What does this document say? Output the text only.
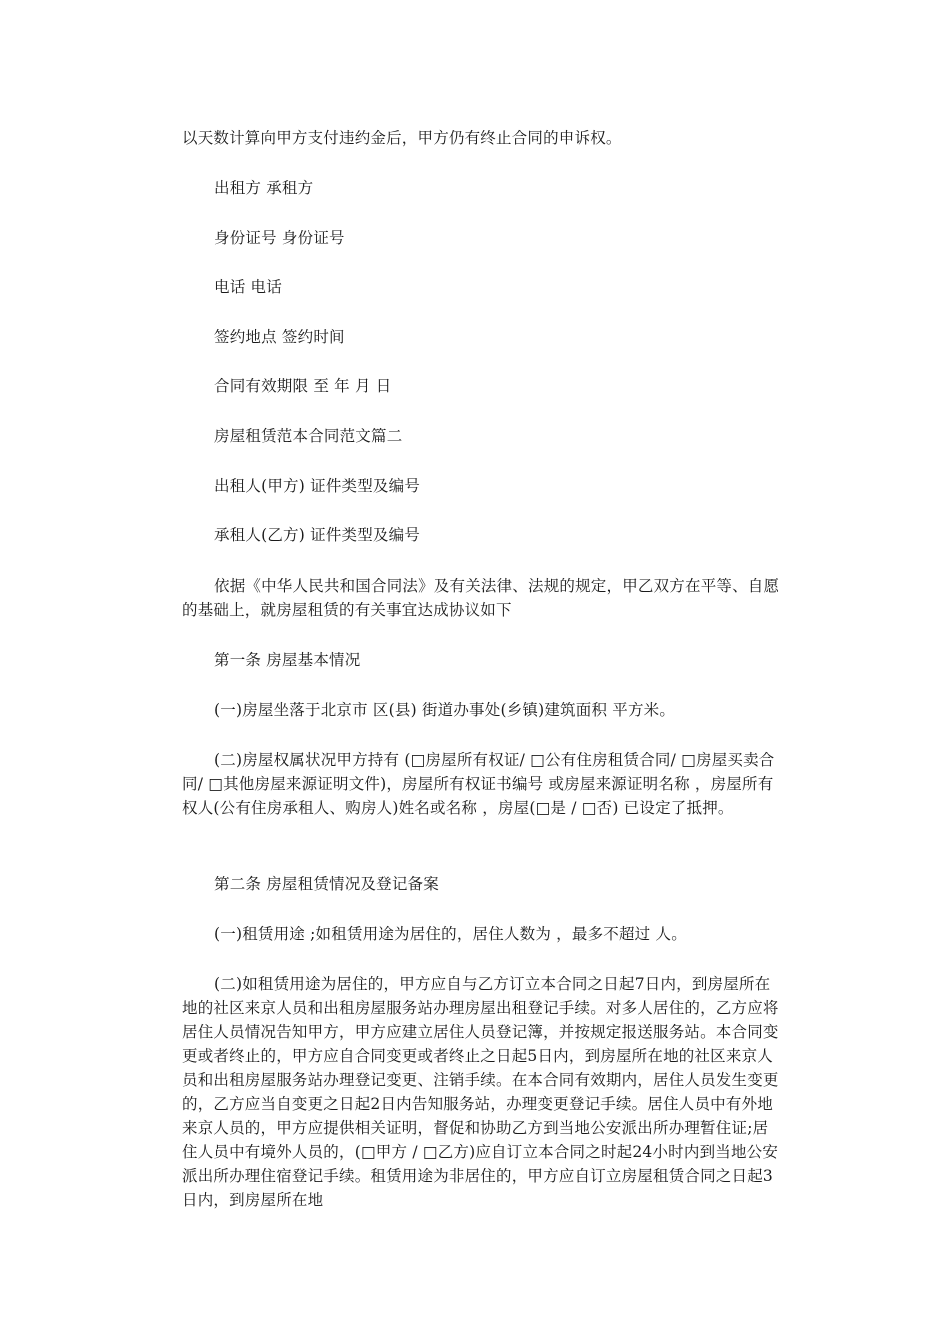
以天数计算向甲方支付违约金后，甲方仍有终止合同的申诉权。

出租方 承租方

身份证号 身份证号

电话 电话

签约地点 签约时间

合同有效期限 至 年 月 日

房屋租赁范本合同范文篇二

出租人(甲方) 证件类型及编号

承租人(乙方) 证件类型及编号

依据《中华人民共和国合同法》及有关法律、法规的规定，甲乙双方在平等、自愿的基础上，就房屋租赁的有关事宜达成协议如下

第一条 房屋基本情况

(一)房屋坐落于北京市 区(县) 街道办事处(乡镇)建筑面积 平方米。

(二)房屋权属状况甲方持有 (□房屋所有权证/ □公有住房租赁合同/ □房屋买卖合同/ □其他房屋来源证明文件)，房屋所有权证书编号 或房屋来源证明名称 ，房屋所有权人(公有住房承租人、购房人)姓名或名称 ，房屋(□是 / □否) 已设定了抵押。

第二条 房屋租赁情况及登记备案

(一)租赁用途 ;如租赁用途为居住的，居住人数为 ，最多不超过 人。

(二)如租赁用途为居住的，甲方应自与乙方订立本合同之日起7日内，到房屋所在地的社区来京人员和出租房屋服务站办理房屋出租登记手续。对多人居住的，乙方应将居住人员情况告知甲方，甲方应建立居住人员登记簿，并按规定报送服务站。本合同变更或者终止的，甲方应自合同变更或者终止之日起5日内，到房屋所在地的社区来京人员和出租房屋服务站办理登记变更、注销手续。在本合同有效期内，居住人员发生变更的，乙方应当自变更之日起2日内告知服务站，办理变更登记手续。居住人员中有外地来京人员的，甲方应提供相关证明，督促和协助乙方到当地公安派出所办理暂住证;居住人员中有境外人员的，(□甲方 / □乙方)应自订立本合同之时起24小时内到当地公安派出所办理住宿登记手续。租赁用途为非居住的，甲方应自订立房屋租赁合同之日起3日内，到房屋所在地
